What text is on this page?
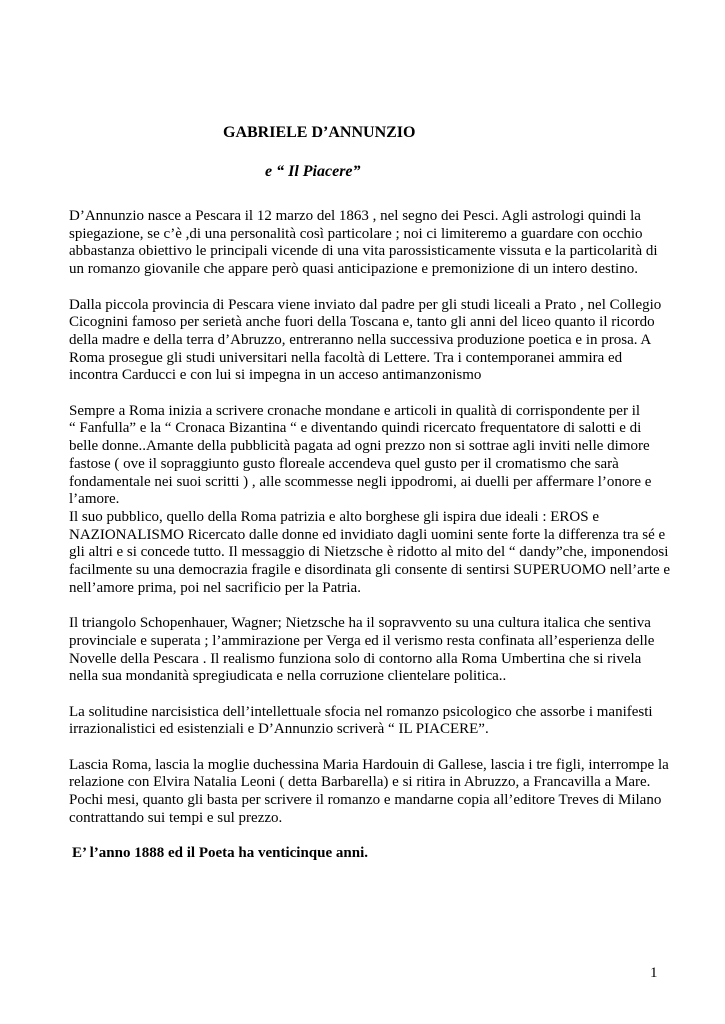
GABRIELE D’ANNUNZIO
e “ Il Piacere”
D’Annunzio nasce a Pescara il 12 marzo del 1863 , nel segno dei Pesci. Agli astrologi quindi la
spiegazione, se c’è ,di una personalità così particolare ; noi ci limiteremo a guardare con occhio
abbastanza obiettivo le principali vicende di una vita parossisticamente vissuta e la particolarità di
un romanzo giovanile che appare però quasi anticipazione e premonizione di un intero destino.
Dalla piccola provincia di Pescara viene inviato dal padre per gli studi liceali a Prato , nel Collegio
Cicognini famoso per serietà anche fuori della Toscana e, tanto gli anni del liceo quanto il ricordo
della madre e della terra d’Abruzzo, entreranno nella successiva produzione poetica e in prosa. A
Roma prosegue gli studi universitari nella facoltà di Lettere. Tra i contemporanei ammira ed
incontra Carducci e con lui si impegna in un acceso antimanzonismo
Sempre a Roma inizia a scrivere cronache mondane e articoli in qualità di corrispondente per il
“ Fanfulla” e la “ Cronaca Bizantina “ e diventando quindi ricercato frequentatore di salotti e di
belle donne..Amante della pubblicità pagata ad ogni prezzo non si sottrae agli inviti nelle dimore
fastose ( ove il sopraggiunto gusto floreale accendeva quel gusto per il cromatismo che sarà
fondamentale nei suoi scritti ) , alle scommesse negli ippodromi, ai duelli per affermare l’onore e
l’amore.
Il suo pubblico, quello della Roma patrizia e alto borghese gli ispira due ideali : EROS e
NAZIONALISMO Ricercato dalle donne ed invidiato dagli uomini sente forte la differenza tra sé e
gli altri e si concede tutto. Il messaggio di Nietzsche è ridotto al mito del “ dandy”che, imponendosi
facilmente su una democrazia fragile e disordinata gli consente di sentirsi SUPERUOMO nell’arte e
nell’amore prima, poi nel sacrificio per la Patria.
Il triangolo Schopenhauer, Wagner; Nietzsche ha il sopravvento su una cultura italica che sentiva
provinciale e superata ; l’ammirazione per Verga ed il verismo resta confinata all’esperienza delle
Novelle della Pescara . Il realismo funziona solo di contorno alla Roma Umbertina che si rivela
nella sua mondanità spregiudicata e nella corruzione clientelare politica..
La solitudine narcisistica dell’intellettuale sfocia nel romanzo psicologico che assorbe i manifesti
irrazionalistici ed esistenziali e D’Annunzio scriverà “ IL PIACERE”.
Lascia Roma, lascia la moglie duchessina Maria Hardouin di Gallese, lascia i tre figli, interrompe la
relazione con Elvira Natalia Leoni ( detta Barbarella) e si ritira in Abruzzo, a Francavilla a Mare.
Pochi mesi, quanto gli basta per scrivere il romanzo e mandarne copia all’editore Treves di Milano
contrattando sui tempi e sul prezzo.
E’ l’anno 1888 ed il Poeta ha venticinque anni.

1
